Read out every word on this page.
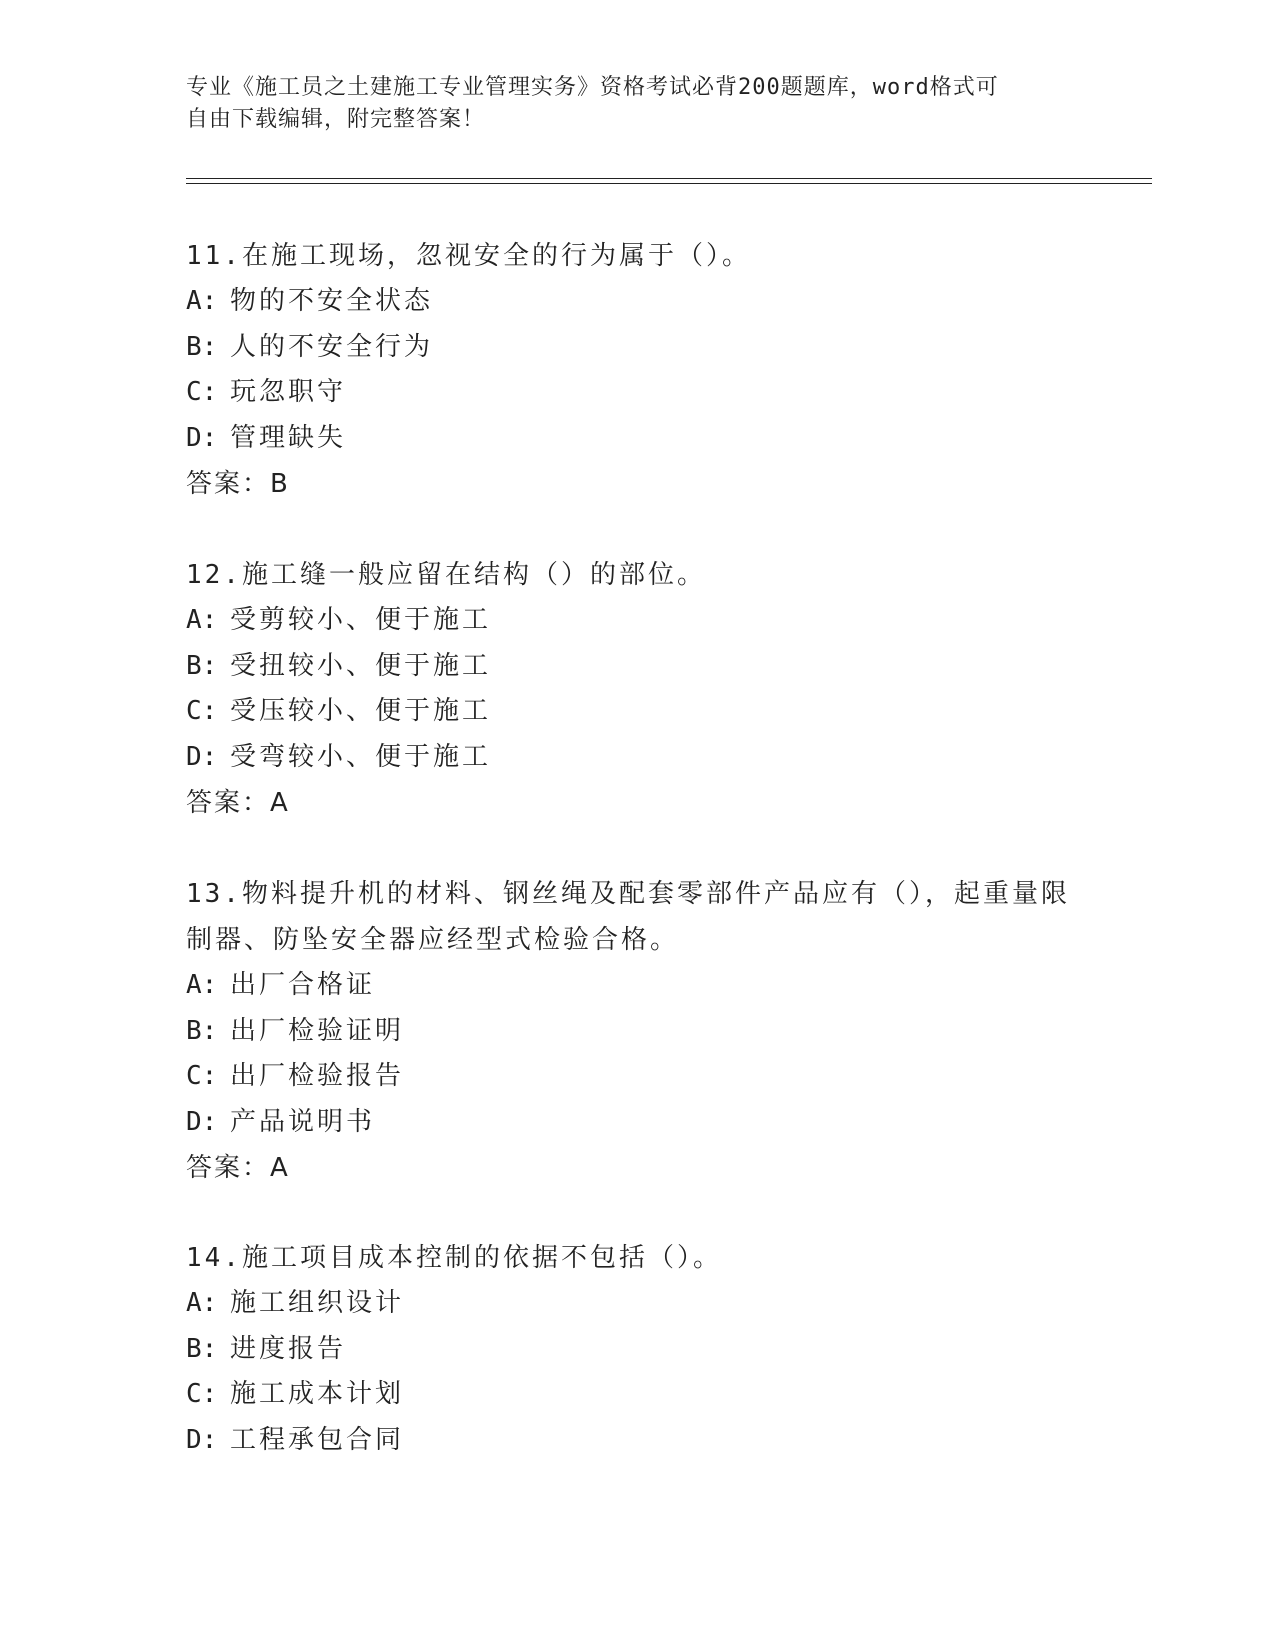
专业《施工员之土建施工专业管理实务》资格考试必背200题题库，word格式可
自由下载编辑，附完整答案！

11.在施工现场，忽视安全的行为属于（）。

A: 物的不安全状态

B: 人的不安全行为

C: 玩忽职守

D: 管理缺失

答案：B

12.施工缝一般应留在结构（）的部位。

A: 受剪较小、便于施工

B: 受扭较小、便于施工

C: 受压较小、便于施工

D: 受弯较小、便于施工

答案：A

13.物料提升机的材料、钢丝绳及配套零部件产品应有（），起重量限

制器、防坠安全器应经型式检验合格。

A: 出厂合格证

B: 出厂检验证明

C: 出厂检验报告

D: 产品说明书

答案：A

14.施工项目成本控制的依据不包括（）。

A: 施工组织设计

B: 进度报告

C: 施工成本计划

D: 工程承包合同
